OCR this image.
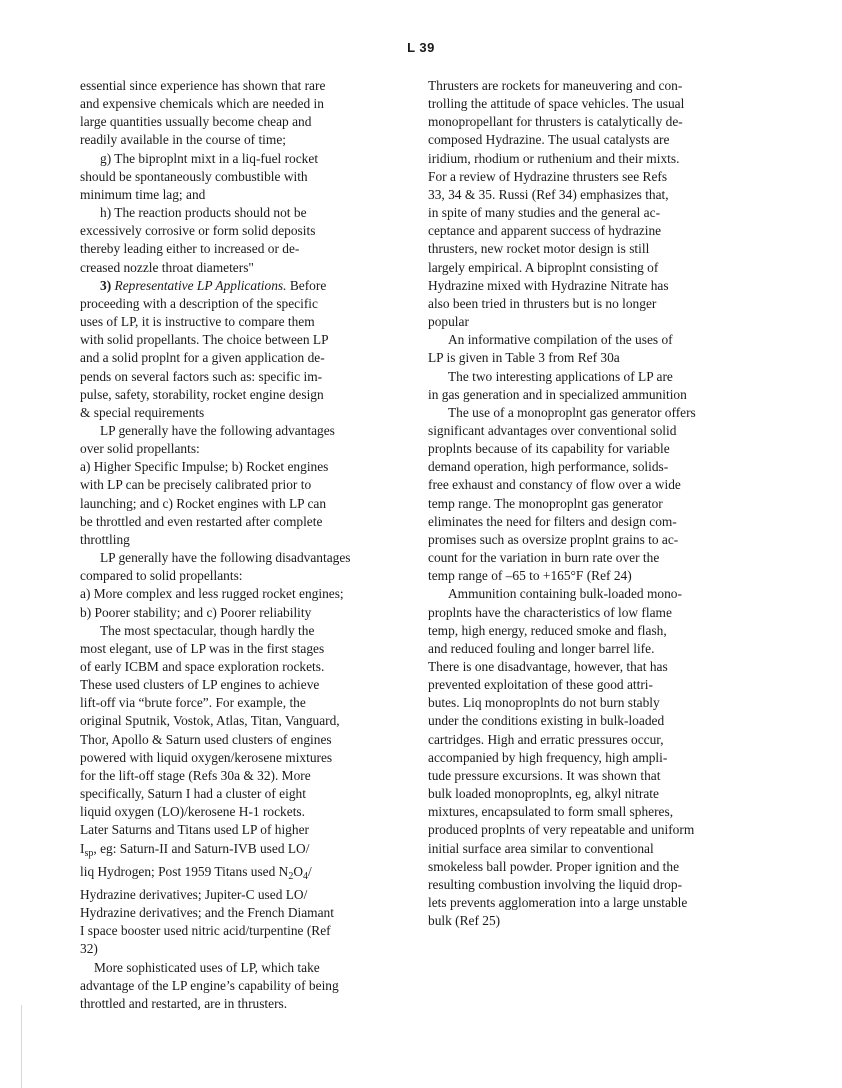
L 39
essential since experience has shown that rare
and expensive chemicals which are needed in
large quantities ussually become cheap and
readily available in the course of time;
g) The biproplnt mixt in a liq-fuel rocket
should be spontaneously combustible with
minimum time lag; and
h) The reaction products should not be
excessively corrosive or form solid deposits
thereby leading either to increased or de-
creased nozzle throat diameters"
3) Representative LP Applications. Before
proceeding with a description of the specific
uses of LP, it is instructive to compare them
with solid propellants. The choice between LP
and a solid proplnt for a given application de-
pends on several factors such as: specific im-
pulse, safety, storability, rocket engine design
& special requirements
LP generally have the following advantages
over solid propellants:
a) Higher Specific Impulse; b) Rocket engines
with LP can be precisely calibrated prior to
launching; and c) Rocket engines with LP can
be throttled and even restarted after complete
throttling
LP generally have the following disadvantages
compared to solid propellants:
a) More complex and less rugged rocket engines;
b) Poorer stability; and c) Poorer reliability
The most spectacular, though hardly the
most elegant, use of LP was in the first stages
of early ICBM and space exploration rockets.
These used clusters of LP engines to achieve
lift-off via “brute force”. For example, the
original Sputnik, Vostok, Atlas, Titan, Vanguard,
Thor, Apollo & Saturn used clusters of engines
powered with liquid oxygen/kerosene mixtures
for the lift-off stage (Refs 30a & 32). More
specifically, Saturn I had a cluster of eight
liquid oxygen (LO)/kerosene H-1 rockets.
Later Saturns and Titans used LP of higher
$I_{sp}$, eg: Saturn-II and Saturn-IVB used LO/
liq Hydrogen; Post 1959 Titans used $N_2O_4/$
Hydrazine derivatives; Jupiter-C used LO/
Hydrazine derivatives; and the French Diamant
I space booster used nitric acid/turpentine (Ref
32)
More sophisticated uses of LP, which take
advantage of the LP engine’s capability of being
throttled and restarted, are in thrusters.
Thrusters are rockets for maneuvering and con-
trolling the attitude of space vehicles. The usual
monopropellant for thrusters is catalytically de-
composed Hydrazine. The usual catalysts are
iridium, rhodium or ruthenium and their mixts.
For a review of Hydrazine thrusters see Refs
33, 34 & 35. Russi (Ref 34) emphasizes that,
in spite of many studies and the general ac-
ceptance and apparent success of hydrazine
thrusters, new rocket motor design is still
largely empirical. A biproplnt consisting of
Hydrazine mixed with Hydrazine Nitrate has
also been tried in thrusters but is no longer
popular
An informative compilation of the uses of
LP is given in Table 3 from Ref 30a
The two interesting applications of LP are
in gas generation and in specialized ammunition
The use of a monoproplnt gas generator offers
significant advantages over conventional solid
proplnts because of its capability for variable
demand operation, high performance, solids-
free exhaust and constancy of flow over a wide
temp range. The monoproplnt gas generator
eliminates the need for filters and design com-
promises such as oversize proplnt grains to ac-
count for the variation in burn rate over the
temp range of –65 to +165°F (Ref 24)
Ammunition containing bulk-loaded mono-
proplnts have the characteristics of low flame
temp, high energy, reduced smoke and flash,
and reduced fouling and longer barrel life.
There is one disadvantage, however, that has
prevented exploitation of these good attri-
butes. Liq monoproplnts do not burn stably
under the conditions existing in bulk-loaded
cartridges. High and erratic pressures occur,
accompanied by high frequency, high ampli-
tude pressure excursions. It was shown that
bulk loaded monoproplnts, eg, alkyl nitrate
mixtures, encapsulated to form small spheres,
produced proplnts of very repeatable and uniform
initial surface area similar to conventional
smokeless ball powder. Proper ignition and the
resulting combustion involving the liquid drop-
lets prevents agglomeration into a large unstable
bulk (Ref 25)
